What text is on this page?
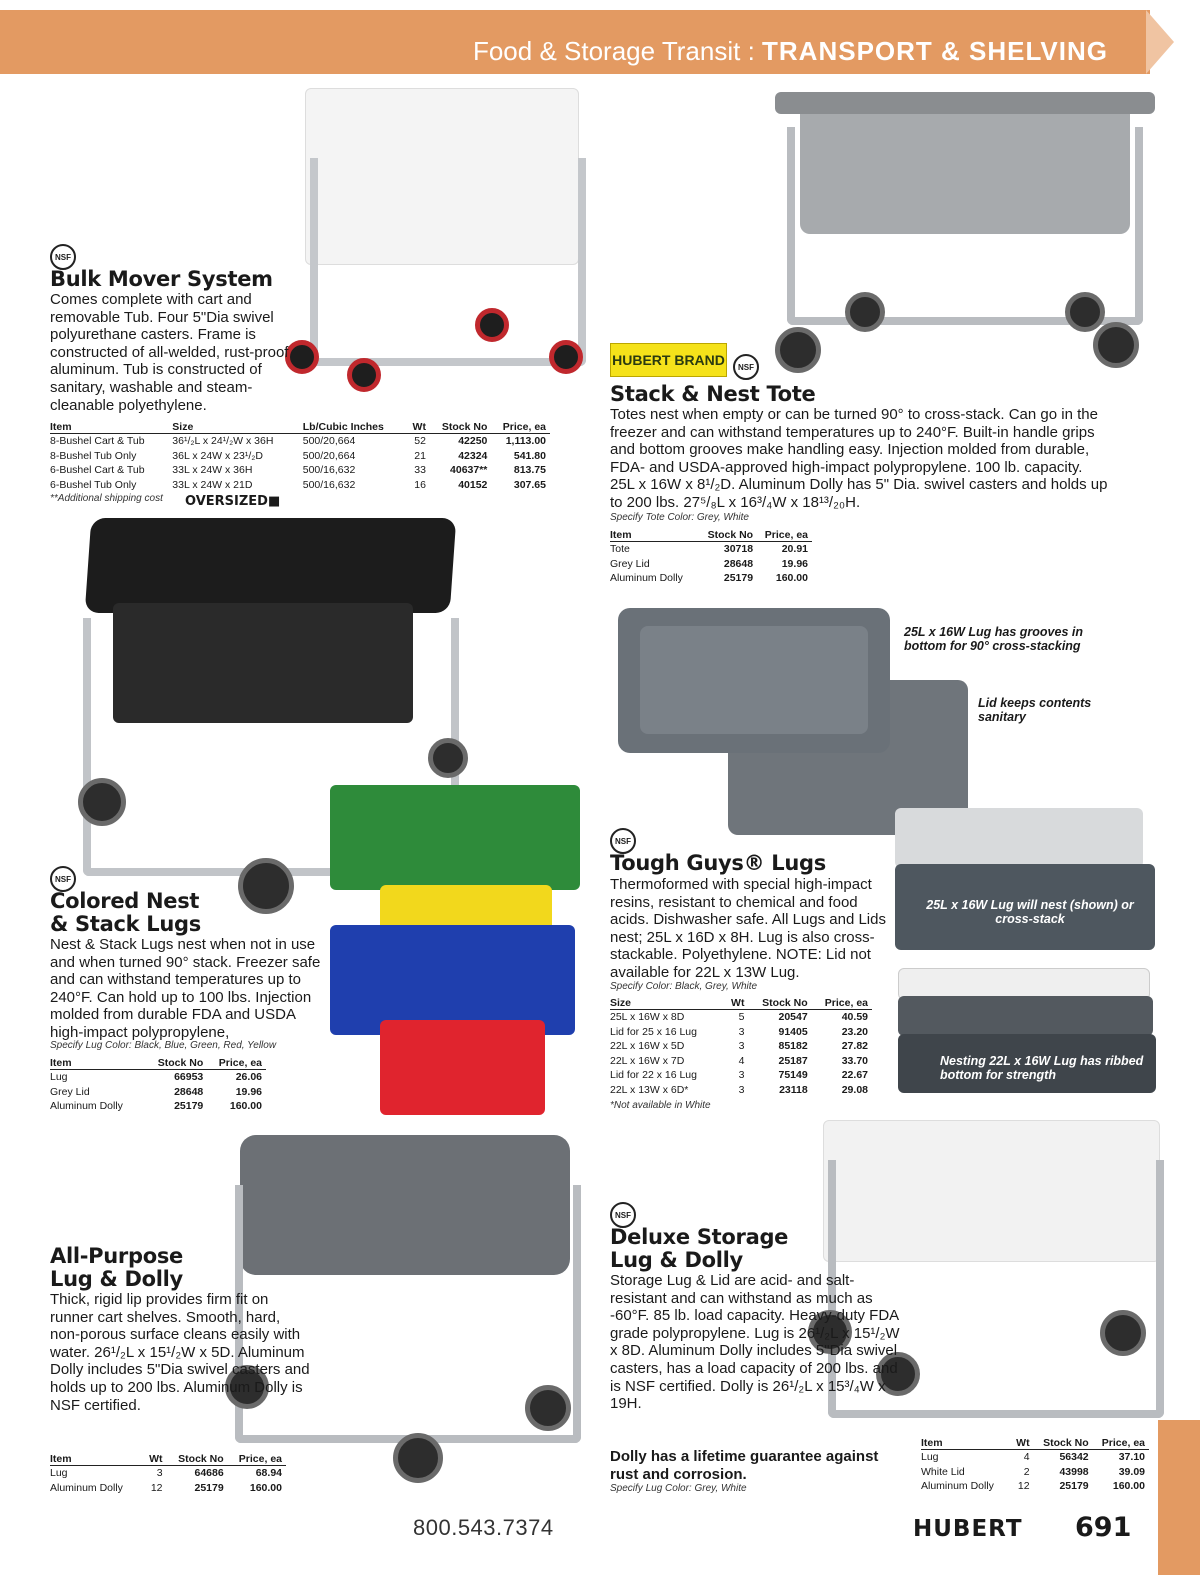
Food & Storage Transit : TRANSPORT & SHELVING
NSF
Bulk Mover System
Comes complete with cart and removable Tub. Four 5"Dia swivel polyurethane casters. Frame is constructed of all-welded, rust-proof aluminum. Tub is constructed of sanitary, washable and steam-cleanable polyethylene.
Item	Size	Lb/Cubic Inches	Wt	Stock No	Price, ea
8-Bushel Cart & Tub	36¹/₂L x 24¹/₂W x 36H	500/20,664	52	42250	1,113.00
8-Bushel Tub Only	36L x 24W x 23¹/₂D	500/20,664	21	42324	541.80
6-Bushel Cart & Tub	33L x 24W x 36H	500/16,632	33	40637**	813.75
6-Bushel Tub Only	33L x 24W x 21D	500/16,632	16	40152	307.65
**Additional shipping cost OVERSIZED■
HUBERT BRAND	NSF
Stack & Nest Tote
Totes nest when empty or can be turned 90° to cross-stack. Can go in the freezer and can withstand temperatures up to 240°F. Built-in handle grips and bottom grooves make handling easy. Injection molded from durable, FDA- and USDA-approved high-impact polypropylene. 100 lb. capacity. 25L x 16W x 8¹/₂D. Aluminum Dolly has 5" Dia. swivel casters and holds up to 200 lbs. 27⁵/₈L x 16³/₄W x 18¹³/₂₀H.
Specify Tote Color: Grey, White
Item	Stock No	Price, ea
Tote	30718	20.91
Grey Lid	28648	19.96
Aluminum Dolly	25179	160.00
25L x 16W Lug has grooves in bottom for 90° cross-stacking
Lid keeps contents sanitary
25L x 16W Lug will nest (shown) or cross-stack
Nesting 22L x 16W Lug has ribbed bottom for strength
NSF
Colored Nest
& Stack Lugs
Nest & Stack Lugs nest when not in use and when turned 90° stack. Freezer safe and can withstand temperatures up to 240°F. Can hold up to 100 lbs. Injection molded from durable FDA and USDA high-impact polypropylene,
Specify Lug Color: Black, Blue, Green, Red, Yellow
Item	Stock No	Price, ea
Lug	66953	26.06
Grey Lid	28648	19.96
Aluminum Dolly	25179	160.00
NSF
Tough Guys® Lugs
Thermoformed with special high-impact resins, resistant to chemical and food acids. Dishwasher safe. All Lugs and Lids nest; 25L x 16D x 8H. Lug is also cross-stackable. Polyethylene. NOTE: Lid not available for 22L x 13W Lug.
Specify Color: Black, Grey, White
Size	Wt	Stock No	Price, ea
25L x 16W x 8D	5	20547	40.59
Lid for 25 x 16 Lug	3	91405	23.20
22L x 16W x 5D	3	85182	27.82
22L x 16W x 7D	4	25187	33.70
Lid for 22 x 16 Lug	3	75149	22.67
22L x 13W x 6D*	3	23118	29.08
*Not available in White
All-Purpose
Lug & Dolly
Thick, rigid lip provides firm fit on runner cart shelves. Smooth, hard, non-porous surface cleans easily with water. 26¹/₂L x 15¹/₂W x 5D. Aluminum Dolly includes 5"Dia swivel casters and holds up to 200 lbs. Aluminum Dolly is NSF certified.
Item	Wt	Stock No	Price, ea
Lug	3	64686	68.94
Aluminum Dolly	12	25179	160.00
NSF
Deluxe Storage
Lug & Dolly
Storage Lug & Lid are acid- and salt-resistant and can withstand as much as -60°F. 85 lb. load capacity. Heavy-duty FDA grade polypropylene. Lug is 26¹/₂L x 15¹/₂W x 8D. Aluminum Dolly includes 5"Dia swivel casters, has a load capacity of 200 lbs. and is NSF certified. Dolly is 26¹/₂L x 15³/₄W x 19H.
Dolly has a lifetime guarantee against rust and corrosion.
Specify Lug Color: Grey, White
Item	Wt	Stock No	Price, ea
Lug	4	56342	37.10
White Lid	2	43998	39.09
Aluminum Dolly	12	25179	160.00
800.543.7374	HUBERT 691
